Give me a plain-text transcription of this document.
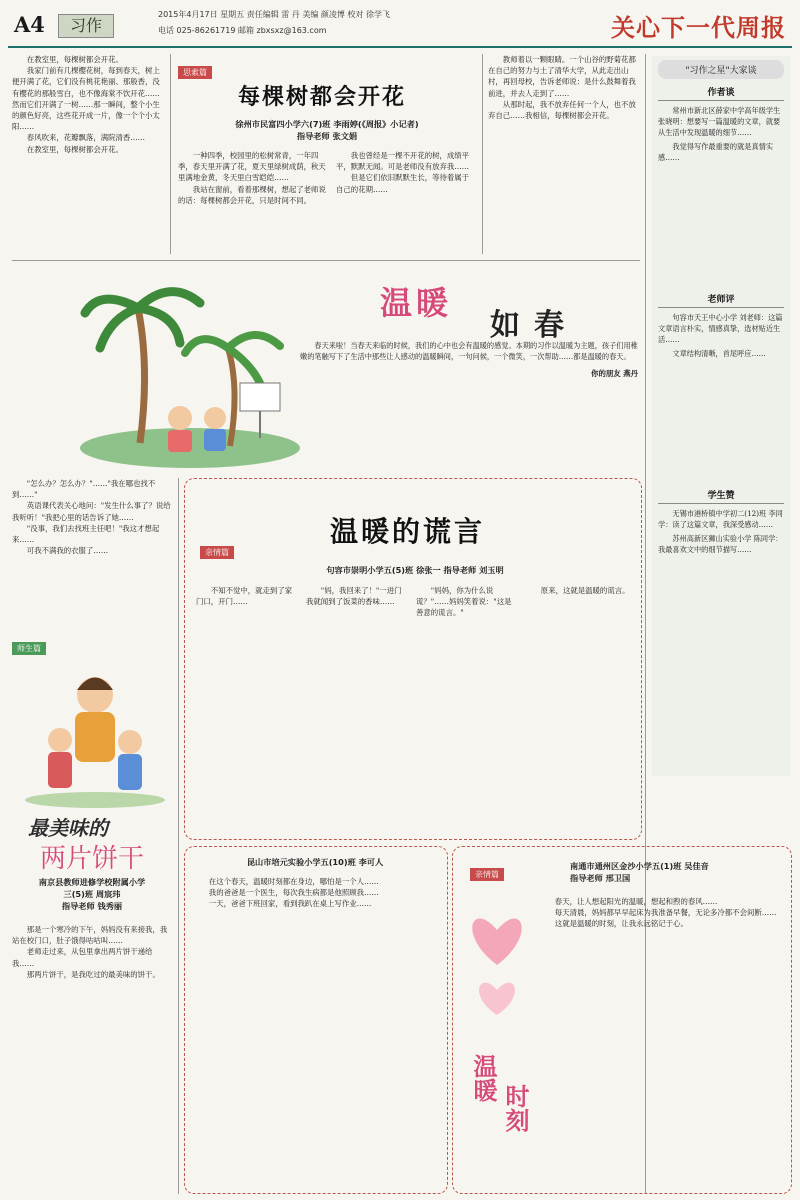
A4	习作
2015年4月17日 星期五 责任编辑 雷 丹 美编 颜凌博 校对 徐学飞
电话 025-86261719 邮箱 zbxsxz@163.com	关心下一代周报

在教室里，每棵树都会开花。

我家门前有几棵樱花树，每到春天，树上便开满了花，它们没有桃花艳丽、那般香，没有樱花的那般雪白，也不像海棠不饮开花……然而它们开满了一树……那一瞬间，整个小生的颜色好亮，这些花开成一片，像一个个小太阳……

春风吹来，花瓣飘落，满院清香……

在教室里，每棵树都会开花。

思索篇
每棵树都会开花
徐州市民富四小学六(7)班 李雨婷(《周报》小记者)
指导老师 张文娟

一种四季，校园里的松树常青，一年四季，春天里开满了花，夏天里绿树成荫，秋天里满地金黄，冬天里白雪皑皑……

我站在窗前，看着那棵树，想起了老师说的话：每棵树都会开花，只是时间不同。

我也曾经是一棵不开花的树，成绩平平，默默无闻。可是老师没有放弃我……

但是它们依旧默默生长，等待着属于自己的花期……

教师着以一颗眼睛。一个山谷的野菊花都在自己的努力与土了清华大学，从此走出山村，再回母校，告诉老师说：是什么鼓舞着我前进，并去人走到了……

从那时起，我不放弃任何一个人，也不放弃自己……我相信，每棵树都会开花。

"习作之星"大家谈
作者谈

常州市新北区薛家中学高年级学生 张晓明：想要写一篇温暖的文章，就要从生活中发现温暖的细节……

我觉得写作最重要的就是真情实感……

老师评

句容市天王中心小学 刘老师：这篇文章语言朴实，情感真挚，选材贴近生活……

文章结构清晰，首尾呼应……

学生赞

无锡市港桥镇中学初二(12)班 李同学：读了这篇文章，我深受感动……

苏州高新区狮山实验小学 陈同学：我最喜欢文中的细节描写……

温暖
如春

春天来啦！当春天来临的时候，我们的心中也会有温暖的感觉。本期的习作以温暖为主题，孩子们用稚嫩的笔触写下了生活中那些让人感动的温暖瞬间，一句问候，一个微笑，一次帮助……都是温暖的春天。

你的朋友 燕丹

"怎么办？怎么办？"……"我在哪也找不到……"

英语课代表关心地问："发生什么事了？说给我听听！"我把心里的话告诉了她……

"没事，我们去找班主任吧！"我这才想起来……

可我不满我的衣服了……

师生篇
最美味的
两片饼干
南京县教师进修学校附属小学
三(5)班 周宸玮
指导老师 钱秀丽

那是一个寒冷的下午，妈妈没有来接我，我站在校门口，肚子饿得咕咕叫……

老师走过来，从包里拿出两片饼干递给我……

那两片饼干，是我吃过的最美味的饼干。

亲情篇
温暖的谎言
句容市崇明小学五(5)班 徐张一 指导老师 刘玉明

不知不觉中，就走到了家门口，开门……

"妈，我回来了！"一进门我就闻到了饭菜的香味……

"妈妈，你为什么说谎？"……妈妈笑着说："这是善意的谎言。"

原来，这就是温暖的谎言。

昆山市培元实验小学五(10)班 李可人

在这个春天，温暖时刻都在身边，哪怕是一个人……

我的爸爸是一个医生，每次我生病都是他照顾我……

一天，爸爸下班回家，看到我趴在桌上写作业……

亲情篇
温暖
时刻
南通市通州区金沙小学五(1)班 吴佳音
指导老师 邢卫国

春天，让人想起阳光的温暖，想起和煦的春风……

每天清晨，妈妈都早早起床为我准备早餐，无论多冷都不会间断……

这就是温暖的时刻，让我永远铭记于心。
